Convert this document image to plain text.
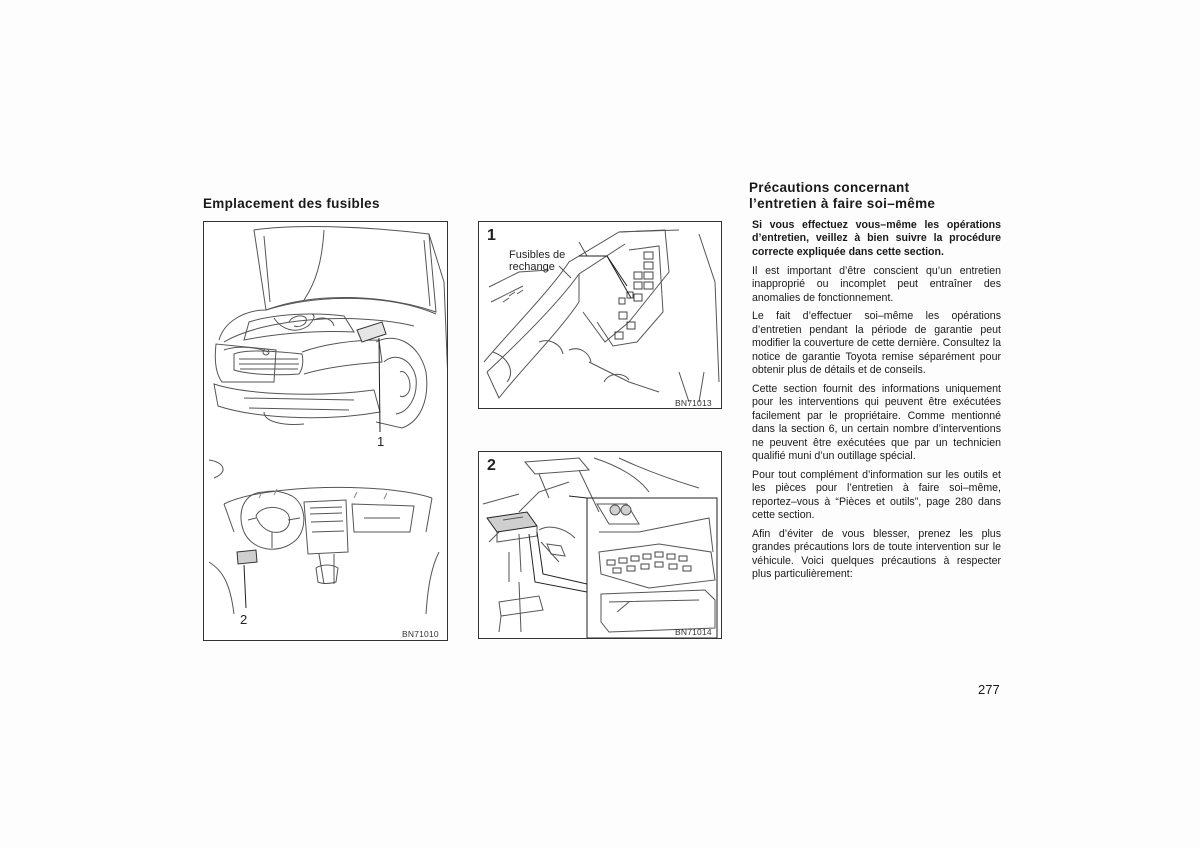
Emplacement des fusibles
Précautions concernant
l’entretien à faire soi–même
1
2
BN71010
1
Fusibles de
rechange
BN71013
2
BN71014

Si vous effectuez vous–même les opérations d’entretien, veillez à bien suivre la procédure correcte expliquée dans cette section.

Il est important d’être conscient qu’un entretien inapproprié ou incomplet peut entraîner des anomalies de fonctionnement.

Le fait d’effectuer soi–même les opérations d’entretien pendant la période de garantie peut modifier la couverture de cette dernière. Consultez la notice de garantie Toyota remise séparément pour obtenir plus de détails et de conseils.

Cette section fournit des informations uniquement pour les interventions qui peuvent être exécutées facilement par le propriétaire. Comme mentionné dans la section 6, un certain nombre d’interventions ne peuvent être exécutées que par un technicien qualifié muni d’un outillage spécial.

Pour tout complément d’information sur les outils et les pièces pour l’entretien à faire soi–même, reportez–vous à “Pièces et outils”, page 280 dans cette section.

Afin d’éviter de vous blesser, prenez les plus grandes précautions lors de toute intervention sur le véhicule. Voici quelques précautions à respecter plus particulièrement:

277
